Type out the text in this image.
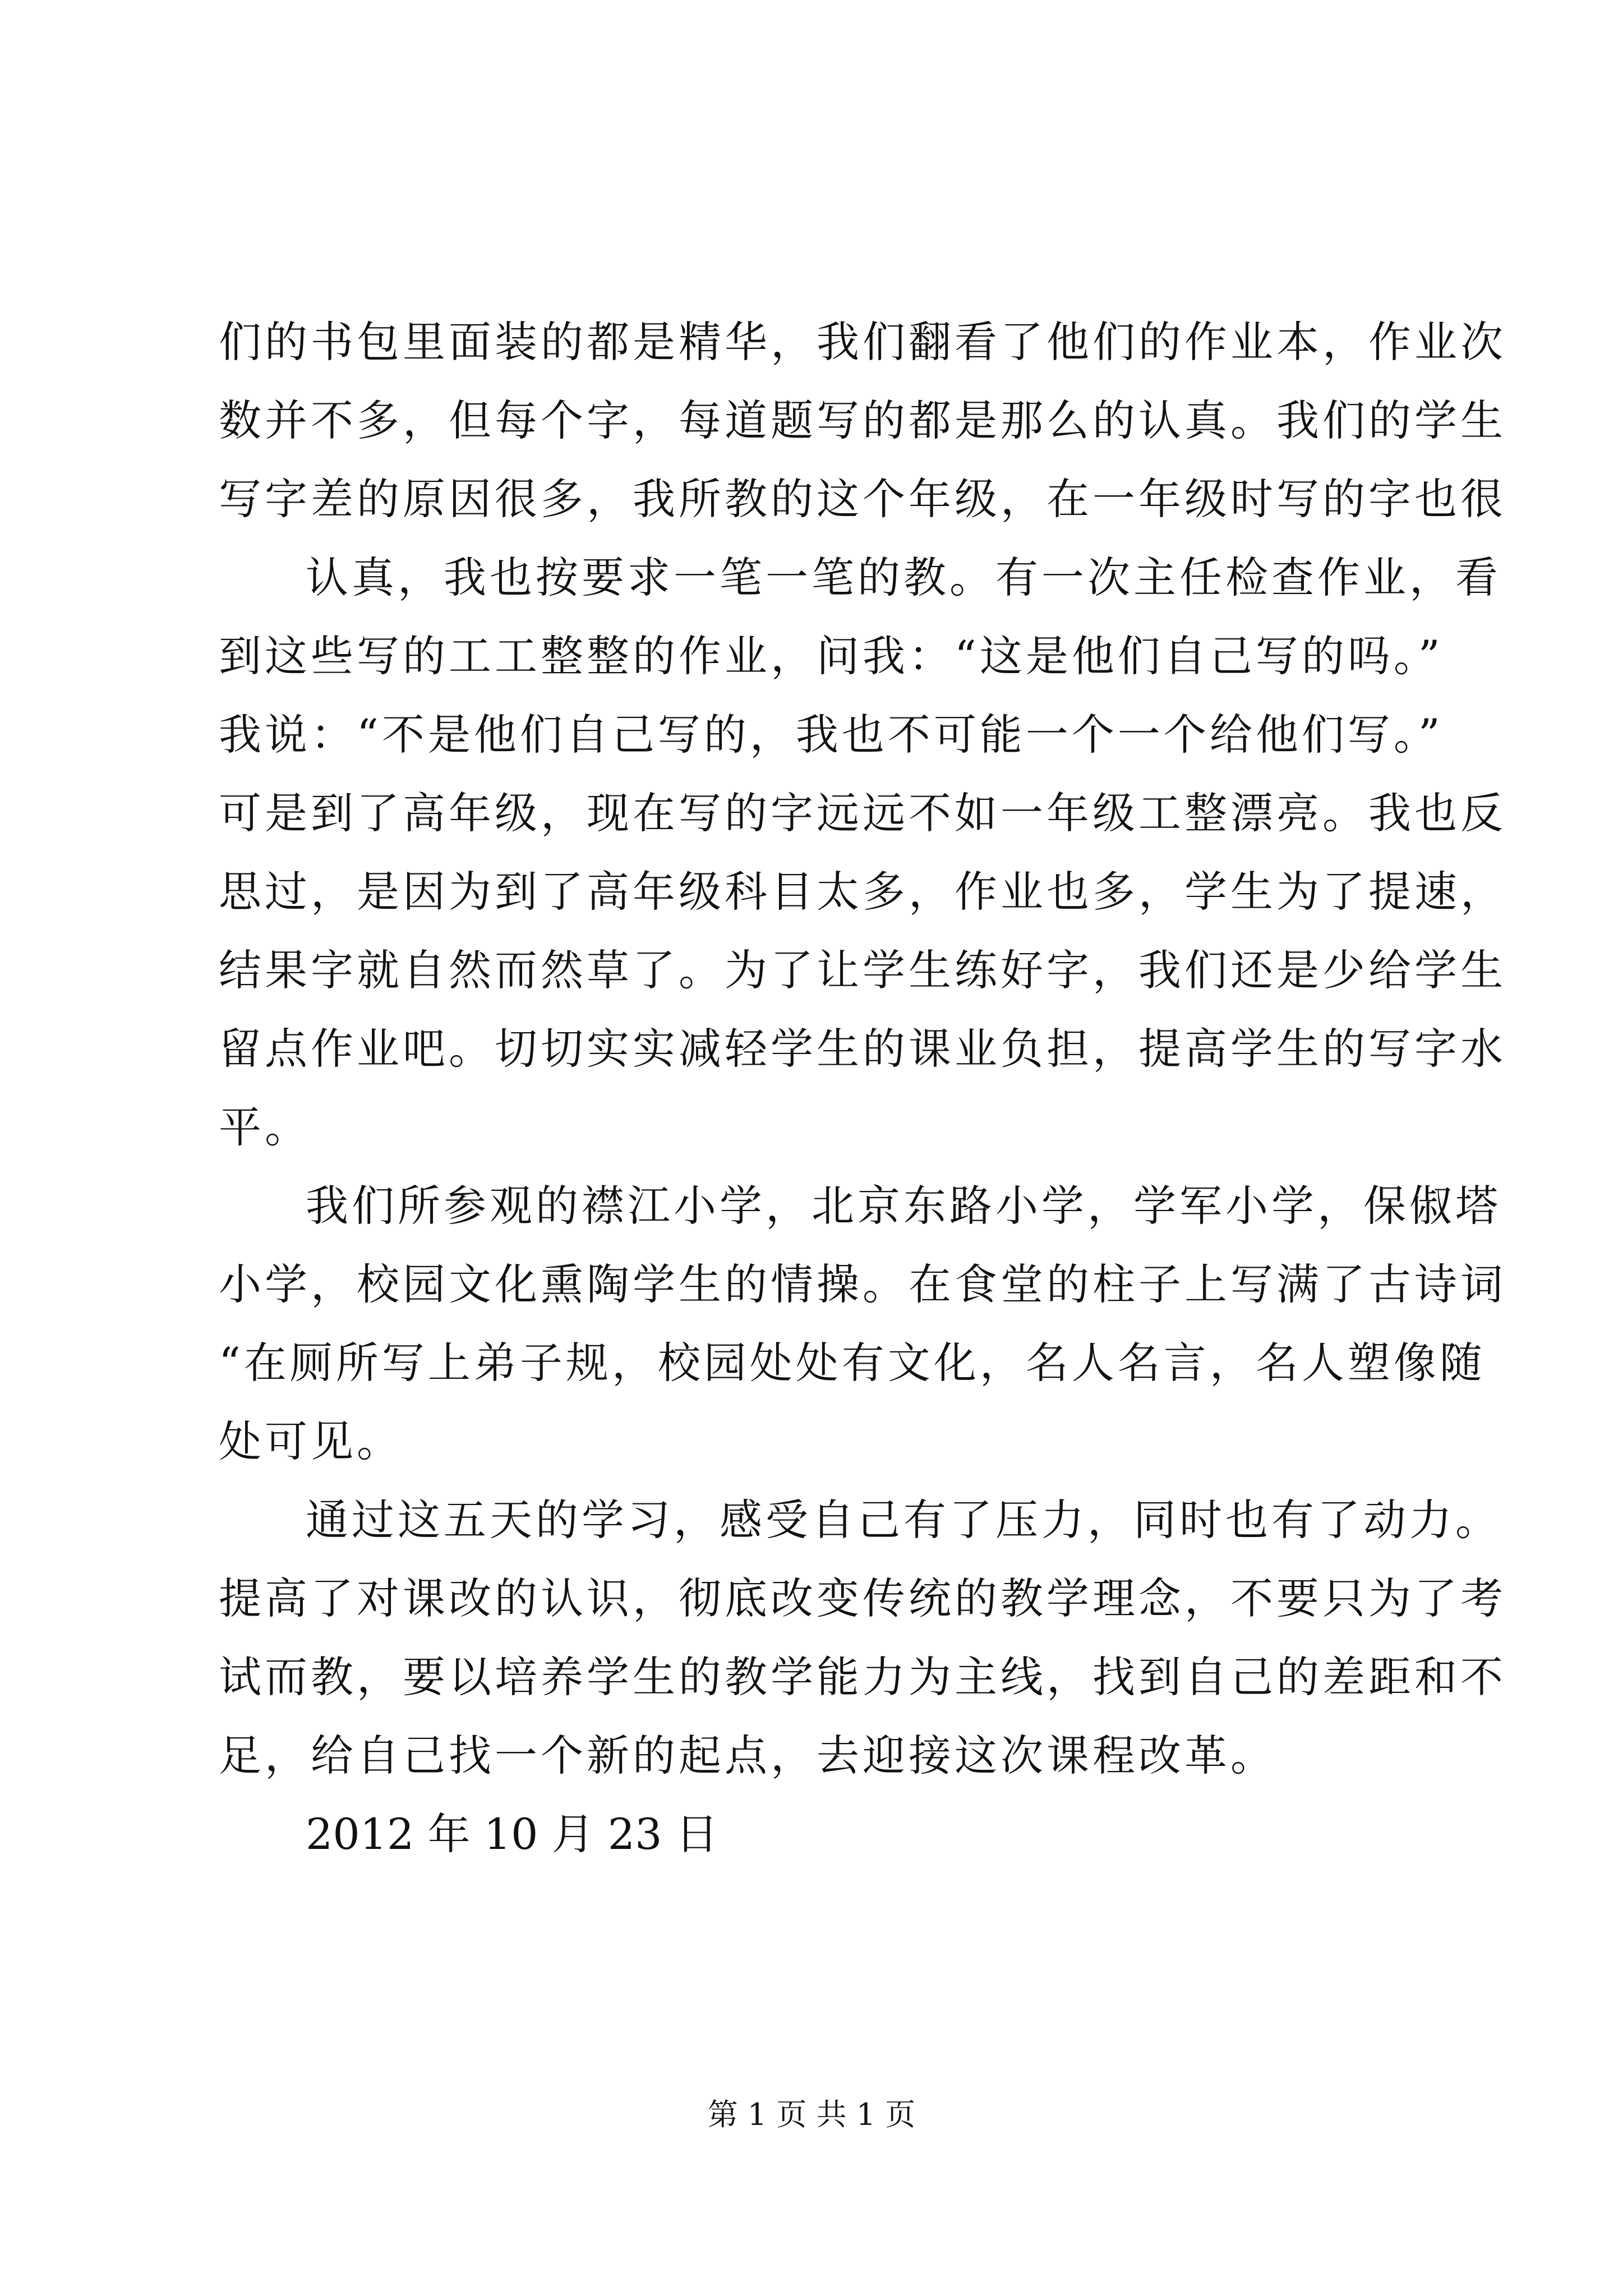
们的书包里面装的都是精华，我们翻看了他们的作业本，作业次

数并不多，但每个字，每道题写的都是那么的认真。我们的学生

写字差的原因很多，我所教的这个年级，在一年级时写的字也很

认真，我也按要求一笔一笔的教。有一次主任检查作业，看

到这些写的工工整整的作业，问我：“这是他们自己写的吗。”

我说：“不是他们自己写的，我也不可能一个一个给他们写。”

可是到了高年级，现在写的字远远不如一年级工整漂亮。我也反

思过，是因为到了高年级科目太多，作业也多，学生为了提速，

结果字就自然而然草了。为了让学生练好字，我们还是少给学生

留点作业吧。切切实实减轻学生的课业负担，提高学生的写字水

平。

我们所参观的襟江小学，北京东路小学，学军小学，保俶塔

小学，校园文化熏陶学生的情操。在食堂的柱子上写满了古诗词

“在厕所写上弟子规，校园处处有文化，名人名言，名人塑像随

处可见。

通过这五天的学习，感受自己有了压力，同时也有了动力。

提高了对课改的认识，彻底改变传统的教学理念，不要只为了考

试而教，要以培养学生的教学能力为主线，找到自己的差距和不

足，给自己找一个新的起点，去迎接这次课程改革。

2012 年 10 月 23 日

第 1 页 共 1 页
